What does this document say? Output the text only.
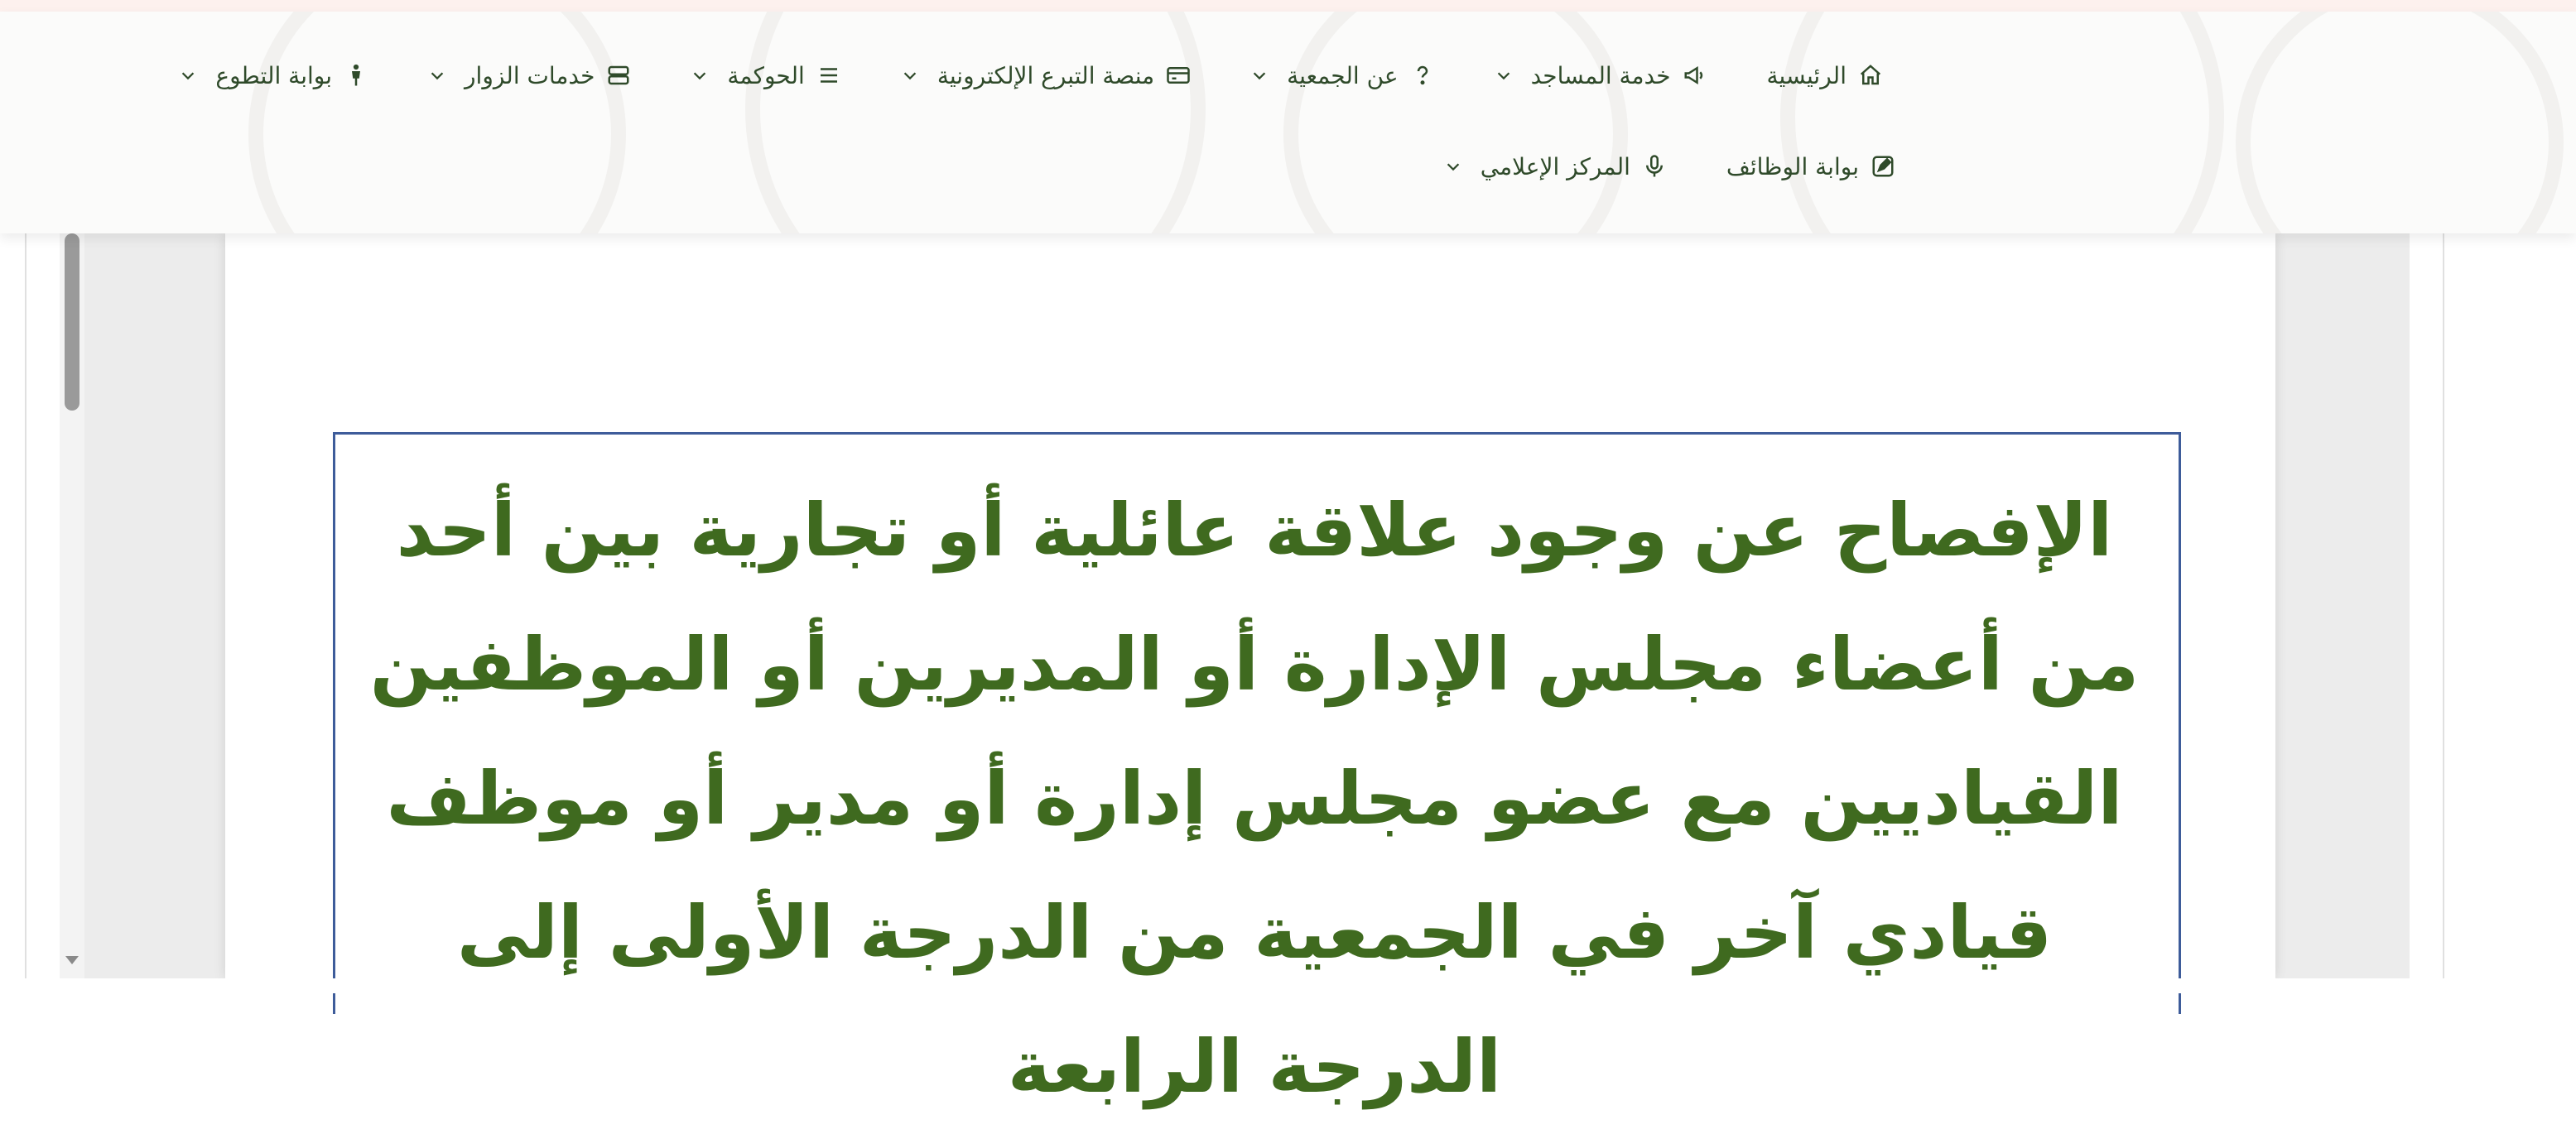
الرئيسية
خدمة المساجد
عن الجمعية
منصة التبرع الإلكترونية
الحوكمة
خدمات الزوار
بوابة التطوع
بوابة الوظائف
المركز الإعلامي

الإفصاح عن وجود علاقة عائلية أو تجارية بين أحد من أعضاء مجلس الإدارة أو المديرين أو الموظفين القياديين مع عضو مجلس إدارة أو مدير أو موظف قيادي آخر في الجمعية من الدرجة الأولى إلى الدرجة الرابعة
